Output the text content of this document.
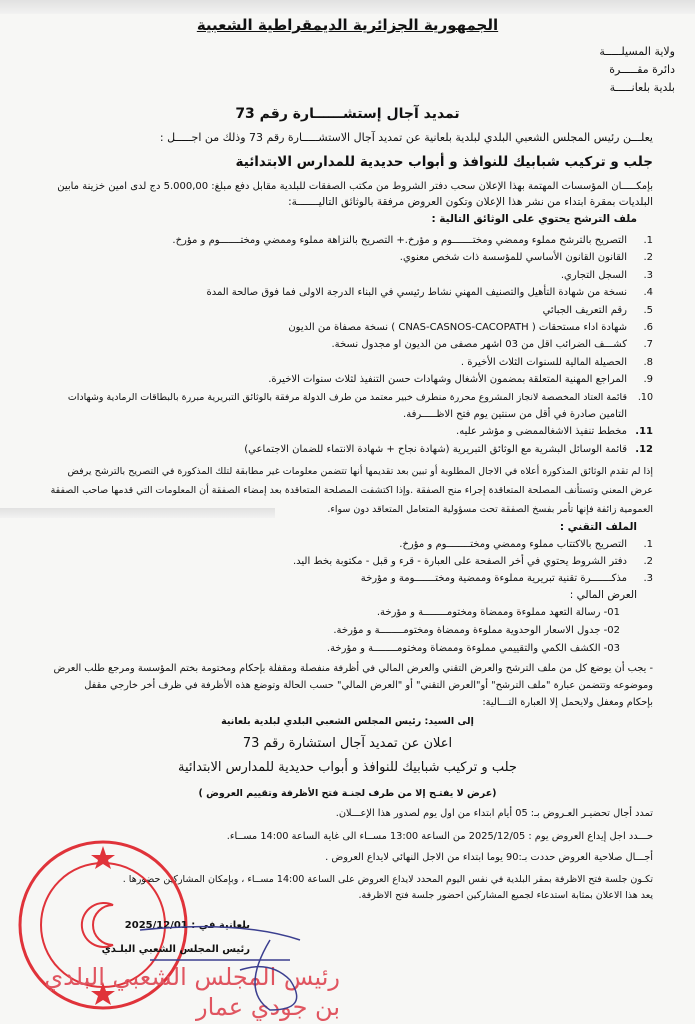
الجمهورية الجزائرية الديمقراطية الشعبية
ولاية المسيلـــــة
دائرة مقـــــرة
بلدية بلعانـــــة
تمديد آجال إستشــــــارة رقم 73
يعلـــن رئيس المجلس الشعبي البلدي لبلدية بلعانية عن تمديد آجال الاستشـــــارة رقم 73 وذلك من اجـــــل :
جلب و تركيب شبابيك للنوافذ و أبواب حديدية للمدارس الابتدائية
بإمكـــــان المؤسسات المهتمة بهذا الإعلان سحب دفتر الشروط من مكتب الصفقات للبلدية مقابل دفع مبلغ: 5.000,00 دج لدى امين خزينة مابين
البلديات بمقرة ابتداء من نشر هذا الإعلان وتكون العروض مرفقة بالوثائق التاليـــــــة:
ملف الترشح يحتوي على الوثائق التالية :
1.التصريح بالترشح مملوء وممضي ومختـــــــوم و مؤرخ.+ التصريح بالنزاهة مملوء وممضي ومختـــــــوم و مؤرخ.
2.القانون القانون الأساسي للمؤسسة ذات شخص معنوي.
3.السجل التجاري.
4.نسخة من شهادة التأهيل والتصنيف المهني نشاط رئيسي في البناء الدرجة الاولى فما فوق صالحة المدة
5.رقم التعريف الجبائي
6.شهادة اداء مستحقات ( CNAS-CASNOS-CACOPATH ) نسخة مصفاة من الديون
7.كشـــف الضرائب اقل من 03 اشهر مصفى من الديون او مجدول نسخة.
8.الحصيلة المالية للسنوات الثلاث الأخيرة .
9.المراجع المهنية المتعلقة بمضمون الأشغال وشهادات حسن التنفيذ لثلاث سنوات الاخيرة.
10.قائمة العتاد المخصصة لانجاز المشروع محررة منطرف خبير معتمد من طرف الدولة مرفقة بالوثائق التبريرية مبررة بالبطاقات الرمادية وشهادات
التامين صادرة في أقل من سنتين يوم فتح الاظـــــرفة.
11.مخطط تنفيذ الاشغالممضى و مؤشر عليه.
12.قائمة الوسائل البشرية مع الوثائق التبريرية (شهادة نجاح + شهادة الانتماء للضمان الاجتماعي)
إذا لم تقدم الوثائق المذكورة أعلاه في الاجال المطلوبة أو تبين بعد تقديمها أنها تتضمن معلومات غير مطابقة لتلك المذكورة في التصريح بالترشح يرفض
عرض المعني وتستأنف المصلحة المتعاقدة إجراء منح الصفقة .وإذا اكتشفت المصلحة المتعاقدة بعد إمضاء الصفقة أن المعلومات التي قدمها صاحب الصفقة
العمومية زائفة فإنها تأمر بفسخ الصفقة تحت مسؤولية المتعامل المتعاقد دون سواء.
الملف التقني :
1.التصريح بالاكتتاب مملوء وممضي ومختــــــــوم و مؤرخ.
2.دفتر الشروط يحتوي في أخر الصفحة على العبارة - قرء و قبل - مكتوبة بخط اليد.
3.مذكـــــــرة تقنية تبريرية مملوءة وممضية ومختـــــــومة و مؤرخة
العرض المالي :
01- رسالة التعهد مملوءة وممضاة ومختومــــــــة و مؤرخة.
02- جدول الاسعار الوحدوية مملوءة وممضاة ومختومــــــــة و مؤرخة.
03- الكشف الكمي والتقييمي مملوءة وممضاة ومختومــــــــة و مؤرخة.
- يجب أن يوضع كل من ملف الترشح والعرض التقني والعرض المالي في أظرفة منفصلة ومقفلة بإحكام ومختومة بختم المؤسسة ومرجع طلب العرض
وموضوعه وتتضمن عبارة "ملف الترشح" أو"العرض التقني" أو "العرض المالي" حسب الحالة وتوضع هذه الأظرفة في ظرف أخر خارجي مقفل
بإحكام ومغفل ولايحمل إلا العبارة التـــالية:
إلى السيد: رئيس المجلس الشعبي البلدي لبلدية بلعانية
اعلان عن تمديد آجال استشارة رقم 73
جلب و تركيب شبابيك للنوافذ و أبواب حديدية للمدارس الابتدائية
(عرض لا يفتـح إلا من طرف لجنـة فتح الأظرفة وتقييم العروض )
تمدد أجال تحضيـر العـروض بـ: 05 أيام ابتداء من اول يوم لصدور هذا الإعـــلان.
حـــدد اجل إيداع العروض يوم : 2025/12/05 من الساعة 13:00 مســاء الى غاية الساعة 14:00 مســاء.
أجـــال صلاحية العروض حددت بـ:90 يوما ابتداء من الاجل النهائي لايداع العروض .
تكـون جلسة فتح الاظرفة بمقر البلدية في نفس اليوم المحدد لايداع العروض على الساعة 14:00 مســاء ، وبإمكان المشاركين حضورها .
يعد هذا الاعلان بمثابة استدعاء لجميع المشاركين احضور جلسة فتح الاظرفة.
بلعانية في : 2025/12/01
رئيس المجلس الشعبي البلـدي
رئيس المجلس الشعبي البلدي
بن جودي عمار
